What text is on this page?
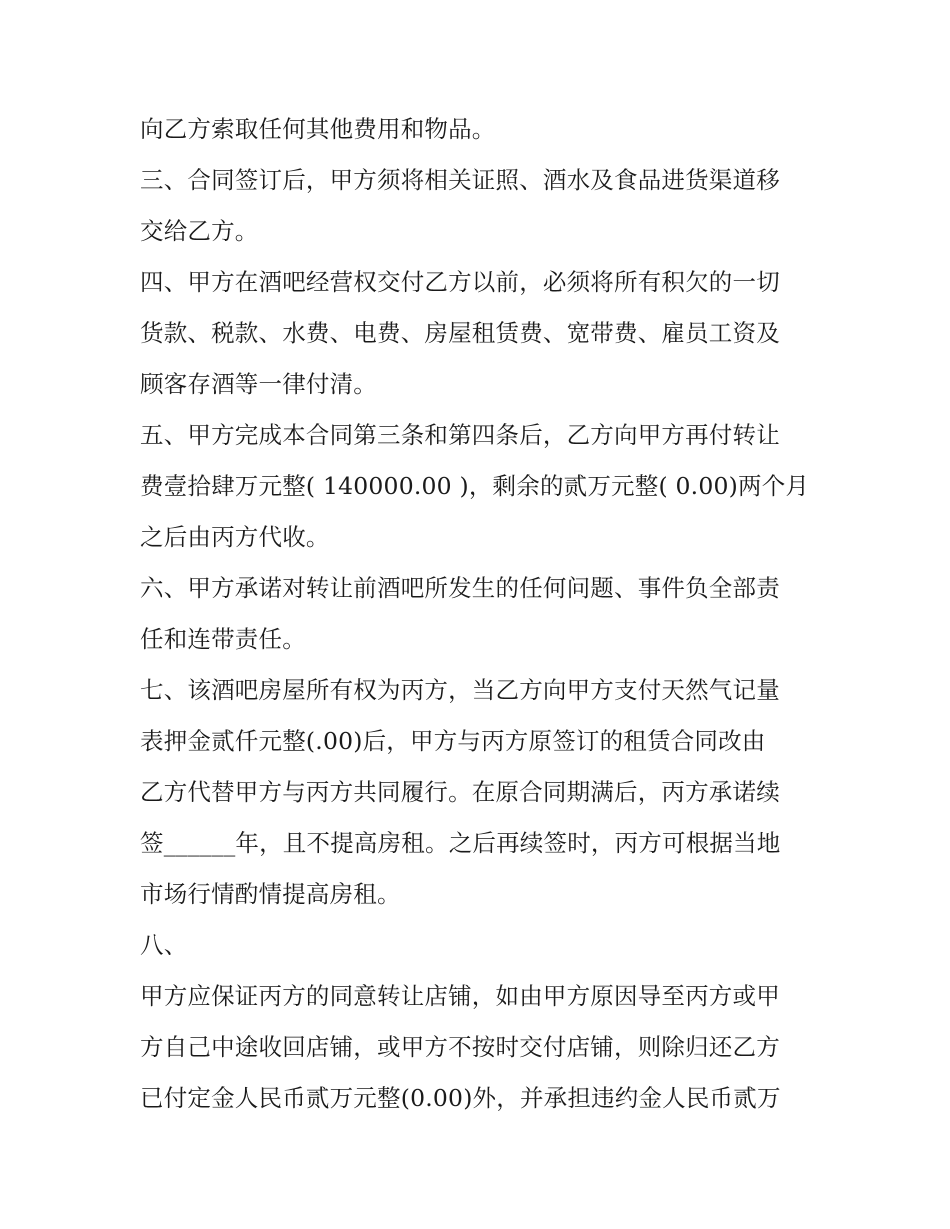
向乙方索取任何其他费用和物品。

三、合同签订后，甲方须将相关证照、酒水及食品进货渠道移

交给乙方。

四、甲方在酒吧经营权交付乙方以前，必须将所有积欠的一切

货款、税款、水费、电费、房屋租赁费、宽带费、雇员工资及

顾客存酒等一律付清。

五、甲方完成本合同第三条和第四条后，乙方向甲方再付转让

费壹拾肆万元整( 140000.00 )，剩余的贰万元整( 0.00)两个月

之后由丙方代收。

六、甲方承诺对转让前酒吧所发生的任何问题、事件负全部责

任和连带责任。

七、该酒吧房屋所有权为丙方，当乙方向甲方支付天然气记量

表押金贰仟元整(.00)后，甲方与丙方原签订的租赁合同改由

乙方代替甲方与丙方共同履行。在原合同期满后，丙方承诺续

签______年，且不提高房租。之后再续签时，丙方可根据当地

市场行情酌情提高房租。

八、

甲方应保证丙方的同意转让店铺，如由甲方原因导至丙方或甲

方自己中途收回店铺，或甲方不按时交付店铺，则除归还乙方

已付定金人民币贰万元整(0.00)外，并承担违约金人民币贰万
